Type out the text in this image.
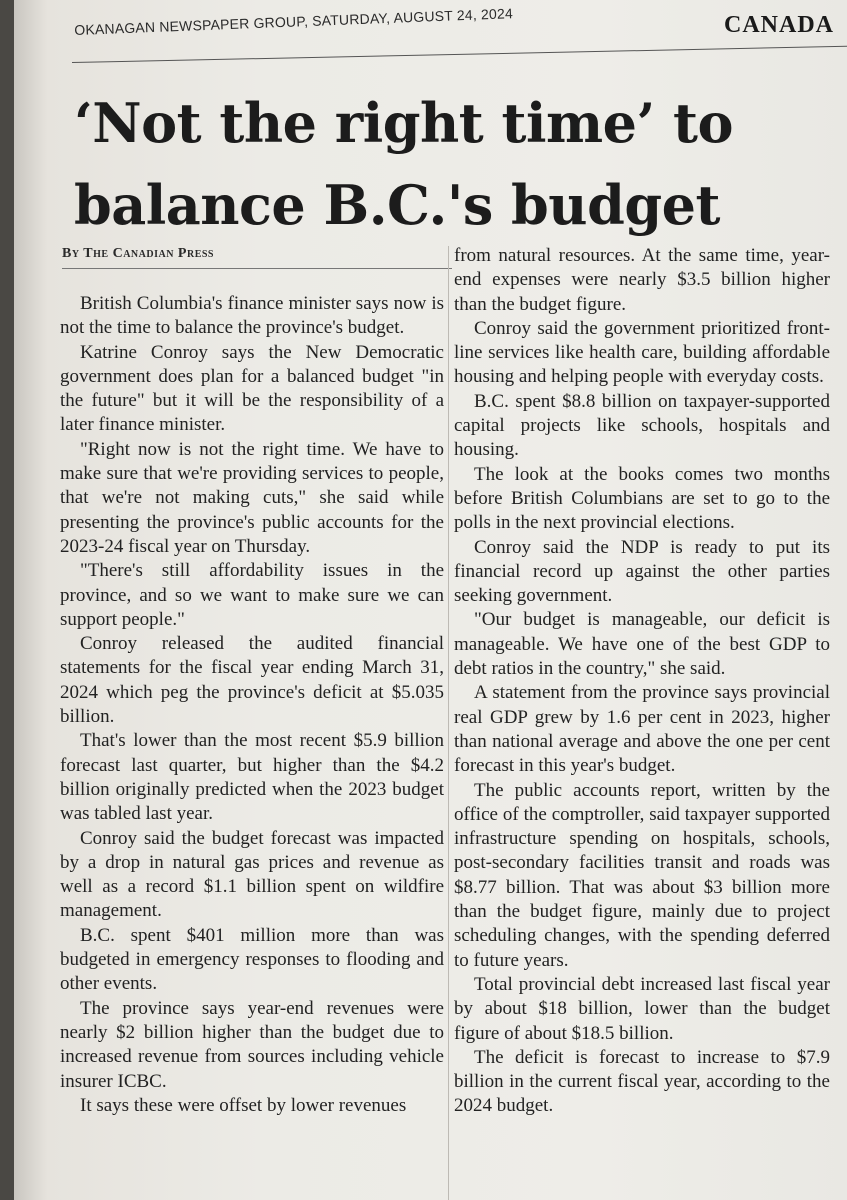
OKANAGAN NEWSPAPER GROUP, SATURDAY, AUGUST 24, 2024	CANADA
‘Not the right time’ to
balance B.C.'s budget
By The Canadian Press

British Columbia's finance minister says now is not the time to balance the province's budget.

Katrine Conroy says the New Democratic government does plan for a balanced budget "in the future" but it will be the responsibility of a later finance minister.

"Right now is not the right time. We have to make sure that we're providing services to people, that we're not making cuts," she said while presenting the province's public accounts for the 2023-24 fiscal year on Thursday.

"There's still affordability issues in the province, and so we want to make sure we can support people."

Conroy released the audited financial statements for the fiscal year ending March 31, 2024 which peg the province's deficit at $5.035 billion.

That's lower than the most recent $5.9 billion forecast last quarter, but higher than the $4.2 billion originally predicted when the 2023 budget was tabled last year.

Conroy said the budget forecast was impacted by a drop in natural gas prices and revenue as well as a record $1.1 billion spent on wildfire management.

B.C. spent $401 million more than was budgeted in emergency responses to flooding and other events.

The province says year-end revenues were nearly $2 billion higher than the budget due to increased revenue from sources including vehicle insurer ICBC.

It says these were offset by lower revenues

from natural resources. At the same time, year-end expenses were nearly $3.5 billion higher than the budget figure.

Conroy said the government prioritized front-line services like health care, building affordable housing and helping people with everyday costs.

B.C. spent $8.8 billion on taxpayer-supported capital projects like schools, hospitals and housing.

The look at the books comes two months before British Columbians are set to go to the polls in the next provincial elections.

Conroy said the NDP is ready to put its financial record up against the other parties seeking government.

"Our budget is manageable, our deficit is manageable. We have one of the best GDP to debt ratios in the country," she said.

A statement from the province says provincial real GDP grew by 1.6 per cent in 2023, higher than national average and above the one per cent forecast in this year's budget.

The public accounts report, written by the office of the comptroller, said taxpayer supported infrastructure spending on hospitals, schools, post-secondary facilities transit and roads was $8.77 billion. That was about $3 billion more than the budget figure, mainly due to project scheduling changes, with the spending deferred to future years.

Total provincial debt increased last fiscal year by about $18 billion, lower than the budget figure of about $18.5 billion.

The deficit is forecast to increase to $7.9 billion in the current fiscal year, according to the 2024 budget.
